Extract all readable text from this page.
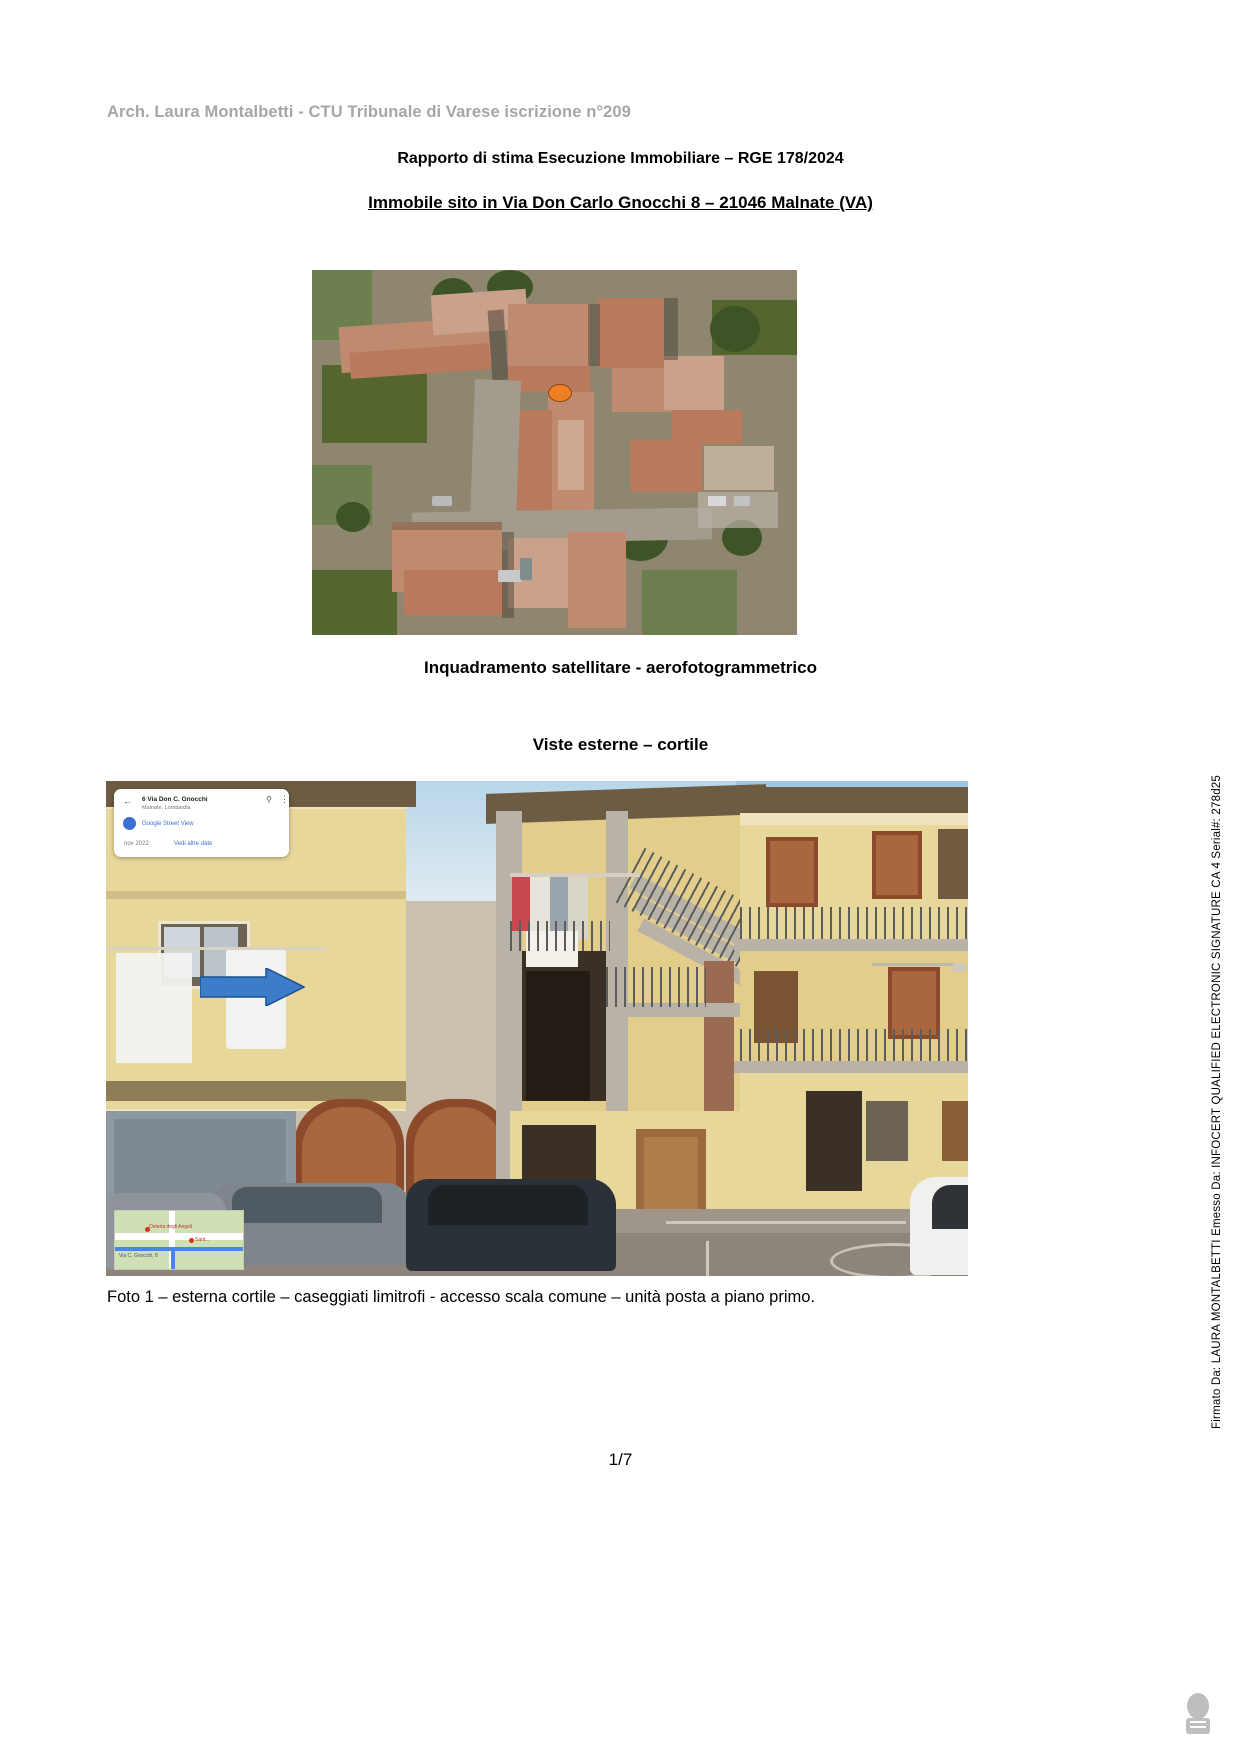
Arch. Laura Montalbetti - CTU Tribunale di Varese iscrizione n°209
Rapporto di stima Esecuzione Immobiliare – RGE 178/2024
Immobile sito in Via Don Carlo Gnocchi 8 – 21046 Malnate (VA)
Inquadramento satellitare - aerofotogrammetrico
Viste esterne – cortile
←	⚲ ⋮
6 Via Don C. Gnocchi
Malnate, Lombardia
Google Street View
nov 2022	Vedi altre date
Osteria degli Angeli
Via C. Gnocchi, 8
Sant...
Foto 1 – esterna cortile – caseggiati limitrofi - accesso scala comune – unità posta a piano primo.
1/7
Firmato Da: LAURA MONTALBETTI Emesso Da: INFOCERT QUALIFIED ELECTRONIC SIGNATURE CA 4 Serial#: 278d25
